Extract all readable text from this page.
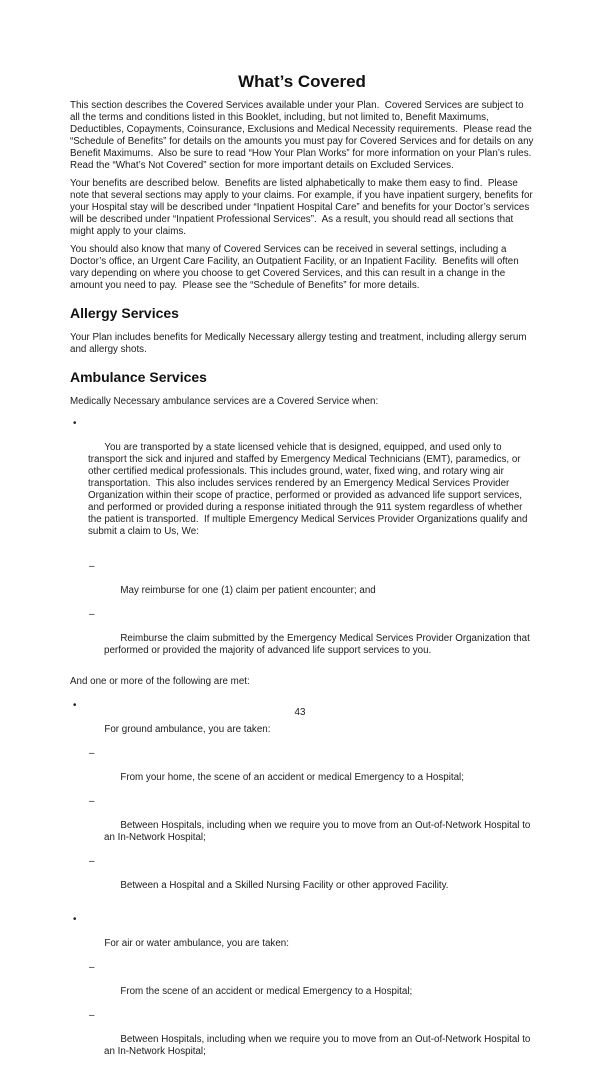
What’s Covered

This section describes the Covered Services available under your Plan.  Covered Services are subject to all the terms and conditions listed in this Booklet, including, but not limited to, Benefit Maximums, Deductibles, Copayments, Coinsurance, Exclusions and Medical Necessity requirements.  Please read the “Schedule of Benefits” for details on the amounts you must pay for Covered Services and for details on any Benefit Maximums.  Also be sure to read “How Your Plan Works” for more information on your Plan’s rules.  Read the “What’s Not Covered” section for more important details on Excluded Services.

Your benefits are described below.  Benefits are listed alphabetically to make them easy to find.  Please note that several sections may apply to your claims. For example, if you have inpatient surgery, benefits for your Hospital stay will be described under “Inpatient Hospital Care” and benefits for your Doctor’s services will be described under “Inpatient Professional Services”.  As a result, you should read all sections that might apply to your claims.

You should also know that many of Covered Services can be received in several settings, including a Doctor’s office, an Urgent Care Facility, an Outpatient Facility, or an Inpatient Facility.  Benefits will often vary depending on where you choose to get Covered Services, and this can result in a change in the amount you need to pay.  Please see the “Schedule of Benefits” for more details.

Allergy Services

Your Plan includes benefits for Medically Necessary allergy testing and treatment, including allergy serum and allergy shots.

Ambulance Services

Medically Necessary ambulance services are a Covered Service when:

•

You are transported by a state licensed vehicle that is designed, equipped, and used only to transport the sick and injured and staffed by Emergency Medical Technicians (EMT), paramedics, or other certified medical professionals. This includes ground, water, fixed wing, and rotary wing air transportation.  This also includes services rendered by an Emergency Medical Services Provider Organization within their scope of practice, performed or provided as advanced life support services, and performed or provided during a response initiated through the 911 system regardless of whether the patient is transported.  If multiple Emergency Medical Services Provider Organizations qualify and submit a claim to Us, We:

–

May reimburse for one (1) claim per patient encounter; and

–

Reimburse the claim submitted by the Emergency Medical Services Provider Organization that performed or provided the majority of advanced life support services to you.

And one or more of the following are met:

•

For ground ambulance, you are taken:

–

From your home, the scene of an accident or medical Emergency to a Hospital;

–

Between Hospitals, including when we require you to move from an Out-of-Network Hospital to an In-Network Hospital;

–

Between a Hospital and a Skilled Nursing Facility or other approved Facility.

•

For air or water ambulance, you are taken:

–

From the scene of an accident or medical Emergency to a Hospital;

–

Between Hospitals, including when we require you to move from an Out-of-Network Hospital to an In-Network Hospital;

43
